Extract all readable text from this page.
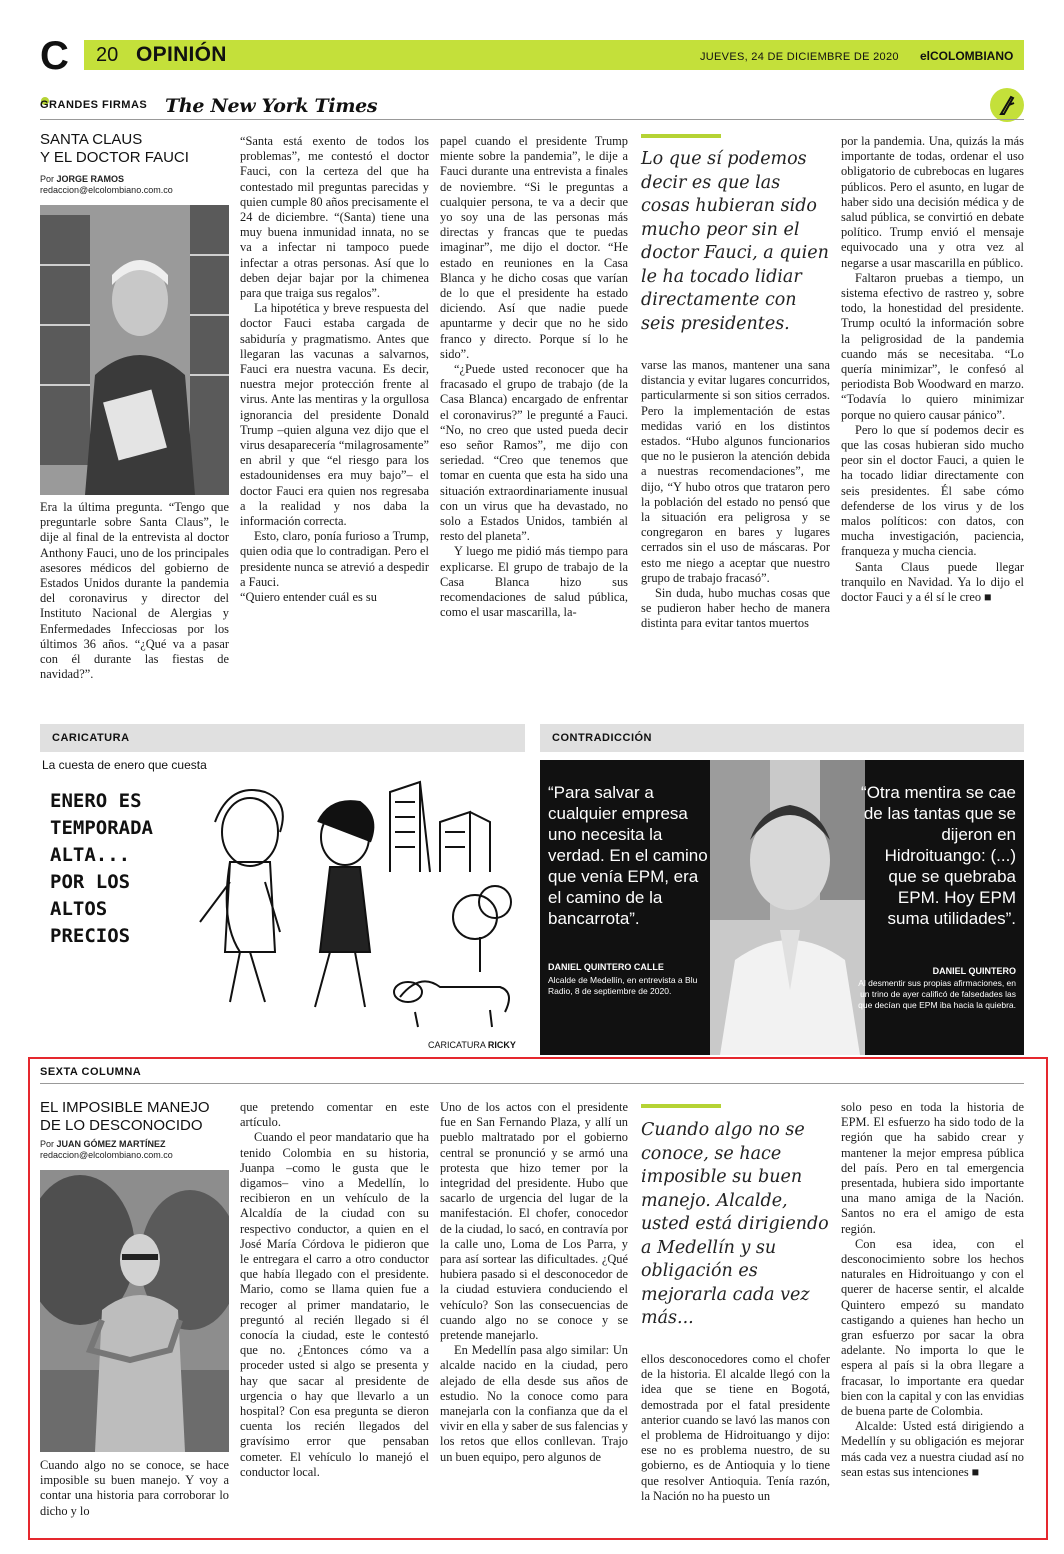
C	20 OPINIÓN	JUEVES, 24 DE DICIEMBRE DE 2020 elCOLOMBIANO
GRANDES FIRMAS The New York Times
SANTA CLAUS
Y EL DOCTOR FAUCI
Por JORGE RAMOS
redaccion@elcolombiano.com.co

Era la última pregunta. “Tengo que preguntarle sobre Santa Claus”, le dije al final de la entrevista al doctor Anthony Fauci, uno de los principales asesores médicos del gobierno de Estados Unidos durante la pandemia del coronavirus y director del Instituto Nacional de Alergias y Enfermedades Infecciosas por los últimos 36 años. “¿Qué va a pasar con él durante las fiestas de navidad?”.

“Santa está exento de todos los problemas”, me contestó el doctor Fauci, con la certeza del que ha contestado mil preguntas parecidas y quien cumple 80 años precisamente el 24 de diciembre. “(Santa) tiene una muy buena inmunidad innata, no se va a infectar ni tampoco puede infectar a otras personas. Así que lo deben dejar bajar por la chimenea para que traiga sus regalos”.

La hipotética y breve respuesta del doctor Fauci estaba cargada de sabiduría y pragmatismo. Antes que llegaran las vacunas a salvarnos, Fauci era nuestra vacuna. Es decir, nuestra mejor protección frente al virus. Ante las mentiras y la orgullosa ignorancia del presidente Donald Trump –quien alguna vez dijo que el virus desaparecería “milagrosamente” en abril y que “el riesgo para los estadounidenses era muy bajo”– el doctor Fauci era quien nos regresaba a la realidad y nos daba la información correcta.

Esto, claro, ponía furioso a Trump, quien odia que lo contradigan. Pero el presidente nunca se atrevió a despedir a Fauci.

“Quiero entender cuál es su

papel cuando el presidente Trump miente sobre la pandemia”, le dije a Fauci durante una entrevista a finales de noviembre. “Si le preguntas a cualquier persona, te va a decir que yo soy una de las personas más directas y francas que te puedas imaginar”, me dijo el doctor. “He estado en reuniones en la Casa Blanca y he dicho cosas que varían de lo que el presidente ha estado diciendo. Así que nadie puede apuntarme y decir que no he sido franco y directo. Porque sí lo he sido”.

“¿Puede usted reconocer que ha fracasado el grupo de trabajo (de la Casa Blanca) encargado de enfrentar el coronavirus?” le pregunté a Fauci. “No, no creo que usted pueda decir eso señor Ramos”, me dijo con seriedad. “Creo que tenemos que tomar en cuenta que esta ha sido una situación extraordinariamente inusual con un virus que ha devastado, no solo a Estados Unidos, también al resto del planeta”.

Y luego me pidió más tiempo para explicarse. El grupo de trabajo de la Casa Blanca hizo sus recomendaciones de salud pública, como el usar mascarilla, la-

Lo que sí podemos decir es que las cosas hubieran sido mucho peor sin el doctor Fauci, a quien le ha tocado lidiar directamente con seis presidentes.

varse las manos, mantener una sana distancia y evitar lugares concurridos, particularmente si son sitios cerrados. Pero la implementación de estas medidas varió en los distintos estados. “Hubo algunos funcionarios que no le pusieron la atención debida a nuestras recomendaciones”, me dijo, “Y hubo otros que trataron pero la población del estado no pensó que la situación era peligrosa y se congregaron en bares y lugares cerrados sin el uso de máscaras. Por esto me niego a aceptar que nuestro grupo de trabajo fracasó”.

Sin duda, hubo muchas cosas que se pudieron haber hecho de manera distinta para evitar tantos muertos

por la pandemia. Una, quizás la más importante de todas, ordenar el uso obligatorio de cubrebocas en lugares públicos. Pero el asunto, en lugar de haber sido una decisión médica y de salud pública, se convirtió en debate político. Trump envió el mensaje equivocado una y otra vez al negarse a usar mascarilla en público.

Faltaron pruebas a tiempo, un sistema efectivo de rastreo y, sobre todo, la honestidad del presidente. Trump ocultó la información sobre la peligrosidad de la pandemia cuando más se necesitaba. “Lo quería minimizar”, le confesó al periodista Bob Woodward en marzo. “Todavía lo quiero minimizar porque no quiero causar pánico”.

Pero lo que sí podemos decir es que las cosas hubieran sido mucho peor sin el doctor Fauci, a quien le ha tocado lidiar directamente con seis presidentes. Él sabe cómo defenderse de los virus y de los malos políticos: con datos, con mucha investigación, paciencia, franqueza y mucha ciencia.

Santa Claus puede llegar tranquilo en Navidad. Ya lo dijo el doctor Fauci y a él sí le creo ■

CARICATURA
La cuesta de enero que cuesta
ENERO ES
TEMPORADA
ALTA...
POR LOS
ALTOS
PRECIOS
CARICATURA RICKY
CONTRADICCIÓN
“Para salvar a cualquier empresa uno necesita la verdad. En el camino que venía EPM, era el camino de la bancarrota”.
DANIEL QUINTERO CALLE
Alcalde de Medellín, en entrevista a Blu Radio, 8 de septiembre de 2020.
“Otra mentira se cae de las tantas que se dijeron en Hidroituango: (...) que se quebraba EPM. Hoy EPM suma utilidades”.
DANIEL QUINTERO
Al desmentir sus propias afirmaciones, en un trino de ayer calificó de falsedades las que decían que EPM iba hacia la quiebra.
SEXTA COLUMNA
EL IMPOSIBLE MANEJO
DE LO DESCONOCIDO
Por JUAN GÓMEZ MARTÍNEZ
redaccion@elcolombiano.com.co

Cuando algo no se conoce, se hace imposible su buen manejo. Y voy a contar una historia para corroborar lo dicho y lo

que pretendo comentar en este artículo.

Cuando el peor mandatario que ha tenido Colombia en su historia, Juanpa –como le gusta que le digamos– vino a Medellín, lo recibieron en un vehículo de la Alcaldía de la ciudad con su respectivo conductor, a quien en el José María Córdova le pidieron que le entregara el carro a otro conductor que había llegado con el presidente. Mario, como se llama quien fue a recoger al primer mandatario, le preguntó al recién llegado si él conocía la ciudad, este le contestó que no. ¿Entonces cómo va a proceder usted si algo se presenta y hay que sacar al presidente de urgencia o hay que llevarlo a un hospital? Con esa pregunta se dieron cuenta los recién llegados del gravísimo error que pensaban cometer. El vehículo lo manejó el conductor local.

Uno de los actos con el presidente fue en San Fernando Plaza, y allí un pueblo maltratado por el gobierno central se pronunció y se armó una protesta que hizo temer por la integridad del presidente. Hubo que sacarlo de urgencia del lugar de la manifestación. El chofer, conocedor de la ciudad, lo sacó, en contravía por la calle uno, Loma de Los Parra, y para así sortear las dificultades. ¿Qué hubiera pasado si el desconocedor de la ciudad estuviera conduciendo el vehículo? Son las consecuencias de cuando algo no se conoce y se pretende manejarlo.

En Medellín pasa algo similar: Un alcalde nacido en la ciudad, pero alejado de ella desde sus años de estudio. No la conoce como para manejarla con la confianza que da el vivir en ella y saber de sus falencias y los retos que ellos conllevan. Trajo un buen equipo, pero algunos de

Cuando algo no se conoce, se hace imposible su buen manejo. Alcalde, usted está dirigiendo a Medellín y su obligación es mejorarla cada vez más...

ellos desconocedores como el chofer de la historia. El alcalde llegó con la idea que se tiene en Bogotá, demostrada por el fatal presidente anterior cuando se lavó las manos con el problema de Hidroituango y dijo: ese no es problema nuestro, de su gobierno, es de Antioquia y lo tiene que resolver Antioquia. Tenía razón, la Nación no ha puesto un

solo peso en toda la historia de EPM. El esfuerzo ha sido todo de la región que ha sabido crear y mantener la mejor empresa pública del país. Pero en tal emergencia presentada, hubiera sido importante una mano amiga de la Nación. Santos no era el amigo de esta región.

Con esa idea, con el desconocimiento sobre los hechos naturales en Hidroituango y con el querer de hacerse sentir, el alcalde Quintero empezó su mandato castigando a quienes han hecho un gran esfuerzo por sacar la obra adelante. No importa lo que le espera al país si la obra llegare a fracasar, lo importante era quedar bien con la capital y con las envidias de buena parte de Colombia.

Alcalde: Usted está dirigiendo a Medellín y su obligación es mejorar más cada vez a nuestra ciudad así no sean estas sus intenciones ■
